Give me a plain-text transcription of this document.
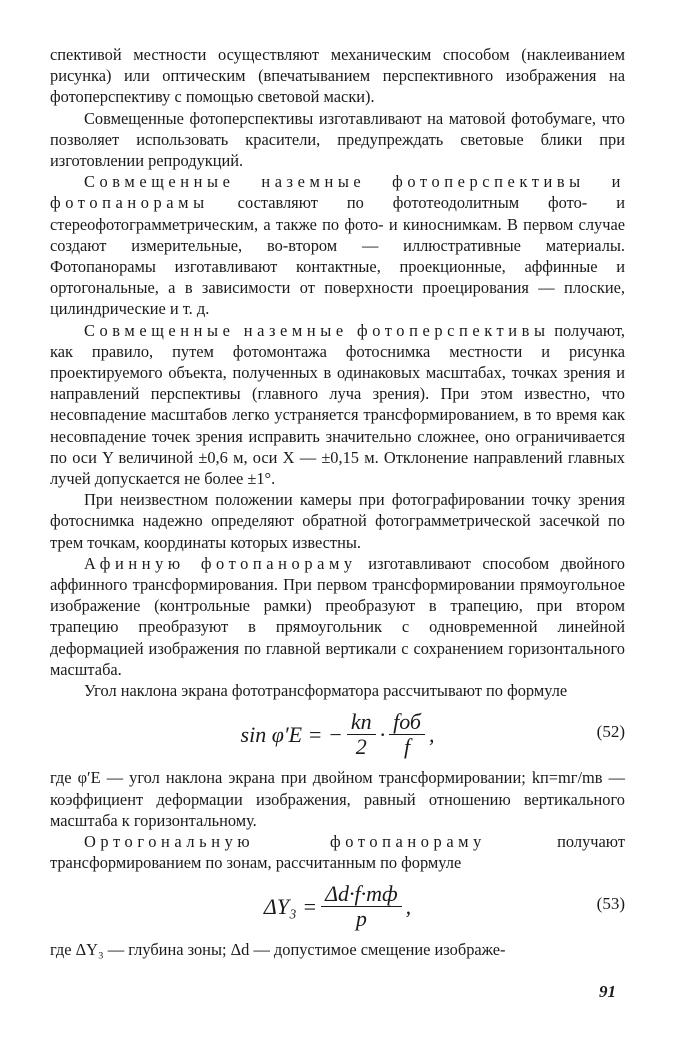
спективой местности осуществляют механическим способом (наклеиванием рисунка) или оптическим (впечатыванием перспективного изображения на фотоперспективу с помощью световой маски).

Совмещенные фотоперспективы изготавливают на матовой фотобумаге, что позволяет использовать красители, предупреждать световые блики при изготовлении репродукций.

Совмещенные наземные фотоперспективы и фотопанорамы составляют по фототеодолитным фото- и стереофотограмметрическим, а также по фото- и киноснимкам. В первом случае создают измерительные, во-втором — иллюстративные материалы. Фотопанорамы изготавливают контактные, проекционные, аффинные и ортогональные, а в зависимости от поверхности проецирования — плоские, цилиндрические и т. д.

Совмещенные наземные фотоперспективы получают, как правило, путем фотомонтажа фотоснимка местности и рисунка проектируемого объекта, полученных в одинаковых масштабах, точках зрения и направлений перспективы (главного луча зрения). При этом известно, что несовпадение масштабов легко устраняется трансформированием, в то время как несовпадение точек зрения исправить значительно сложнее, оно ограничивается по оси Y величиной ±0,6 м, оси X — ±0,15 м. Отклонение направлений главных лучей допускается не более ±1°.

При неизвестном положении камеры при фотографировании точку зрения фотоснимка надежно определяют обратной фотограмметрической засечкой по трем точкам, координаты которых известны.

Афинную фотопанораму изготавливают способом двойного аффинного трансформирования. При первом трансформировании прямоугольное изображение (контрольные рамки) преобразуют в трапецию, при втором трапецию преобразуют в прямоугольник с одновременной линейной деформацией изображения по главной вертикали с сохранением горизонтального масштаба.

Угол наклона экрана фототрансформатора рассчитывают по формуле

sin φ′E = − $\frac{kп}{2} \cdot \frac{\text{fоб}}{f}$ ,	(52)

где φ′E — угол наклона экрана при двойном трансформировании; kп=mг/mв — коэффициент деформации изображения, равный отношению вертикального масштаба к горизонтальному.

Ортогональную фотопанораму получают трансформированием по зонам, рассчитанным по формуле

$\Delta Y_3 = \frac{\Delta d\cdot f\cdot mф}{p}$ ,	(53)

где ΔY₃ — глубина зоны; Δd — допустимое смещение изображе-

91
